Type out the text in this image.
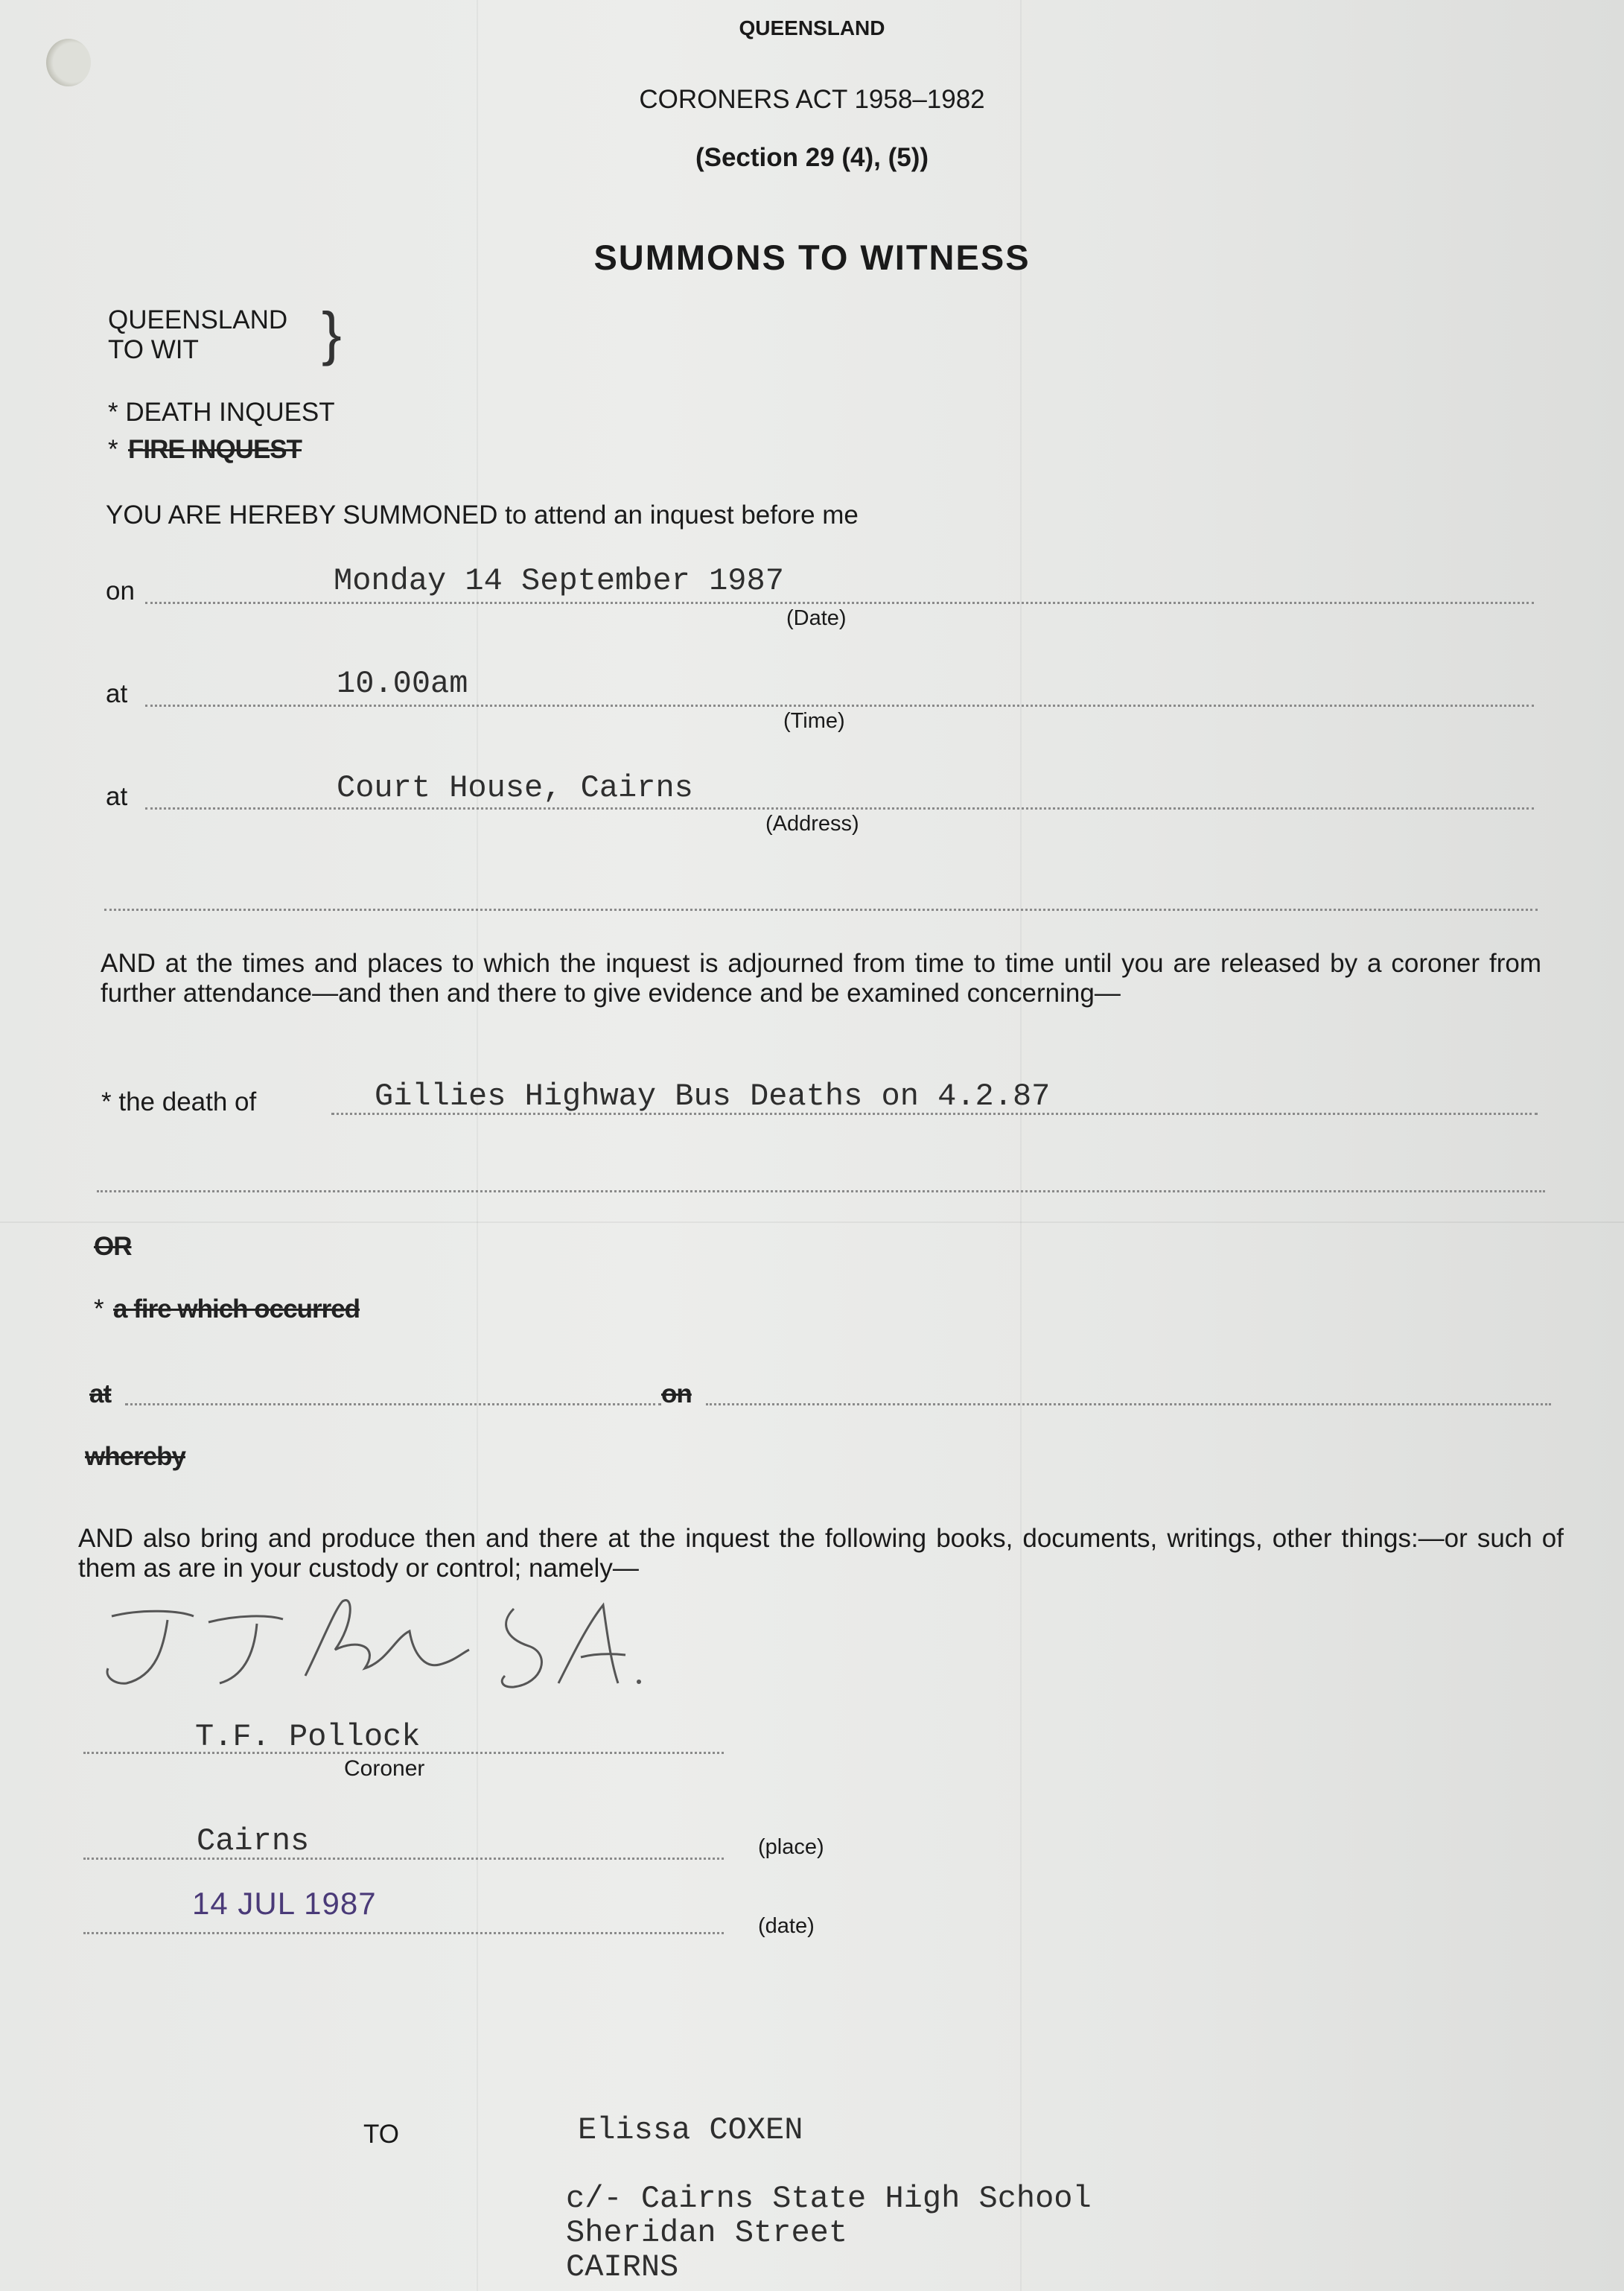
QUEENSLAND
CORONERS ACT 1958–1982
(Section 29 (4), (5))
SUMMONS TO WITNESS
QUEENSLAND
TO WIT }
* DEATH INQUEST
* FIRE INQUEST
YOU ARE HEREBY SUMMONED to attend an inquest before me
on	Monday 14 September 1987
(Date)
at	10.00am
(Time)
at	Court House, Cairns
(Address)
AND at the times and places to which the inquest is adjourned from time to time until you are released by a coroner from further attendance—and then and there to give evidence and be examined concerning—
* the death of	Gillies Highway Bus Deaths on 4.2.87
OR
* a fire which occurred
at	on
whereby
AND also bring and produce then and there at the inquest the following books, documents, writings, other things:—or such of them as are in your custody or control; namely—
T.F. Pollock
Coroner
Cairns	(place)
14 JUL 1987
(date)
TO	Elissa COXEN
c/- Cairns State High School
Sheridan Street
CAIRNS
